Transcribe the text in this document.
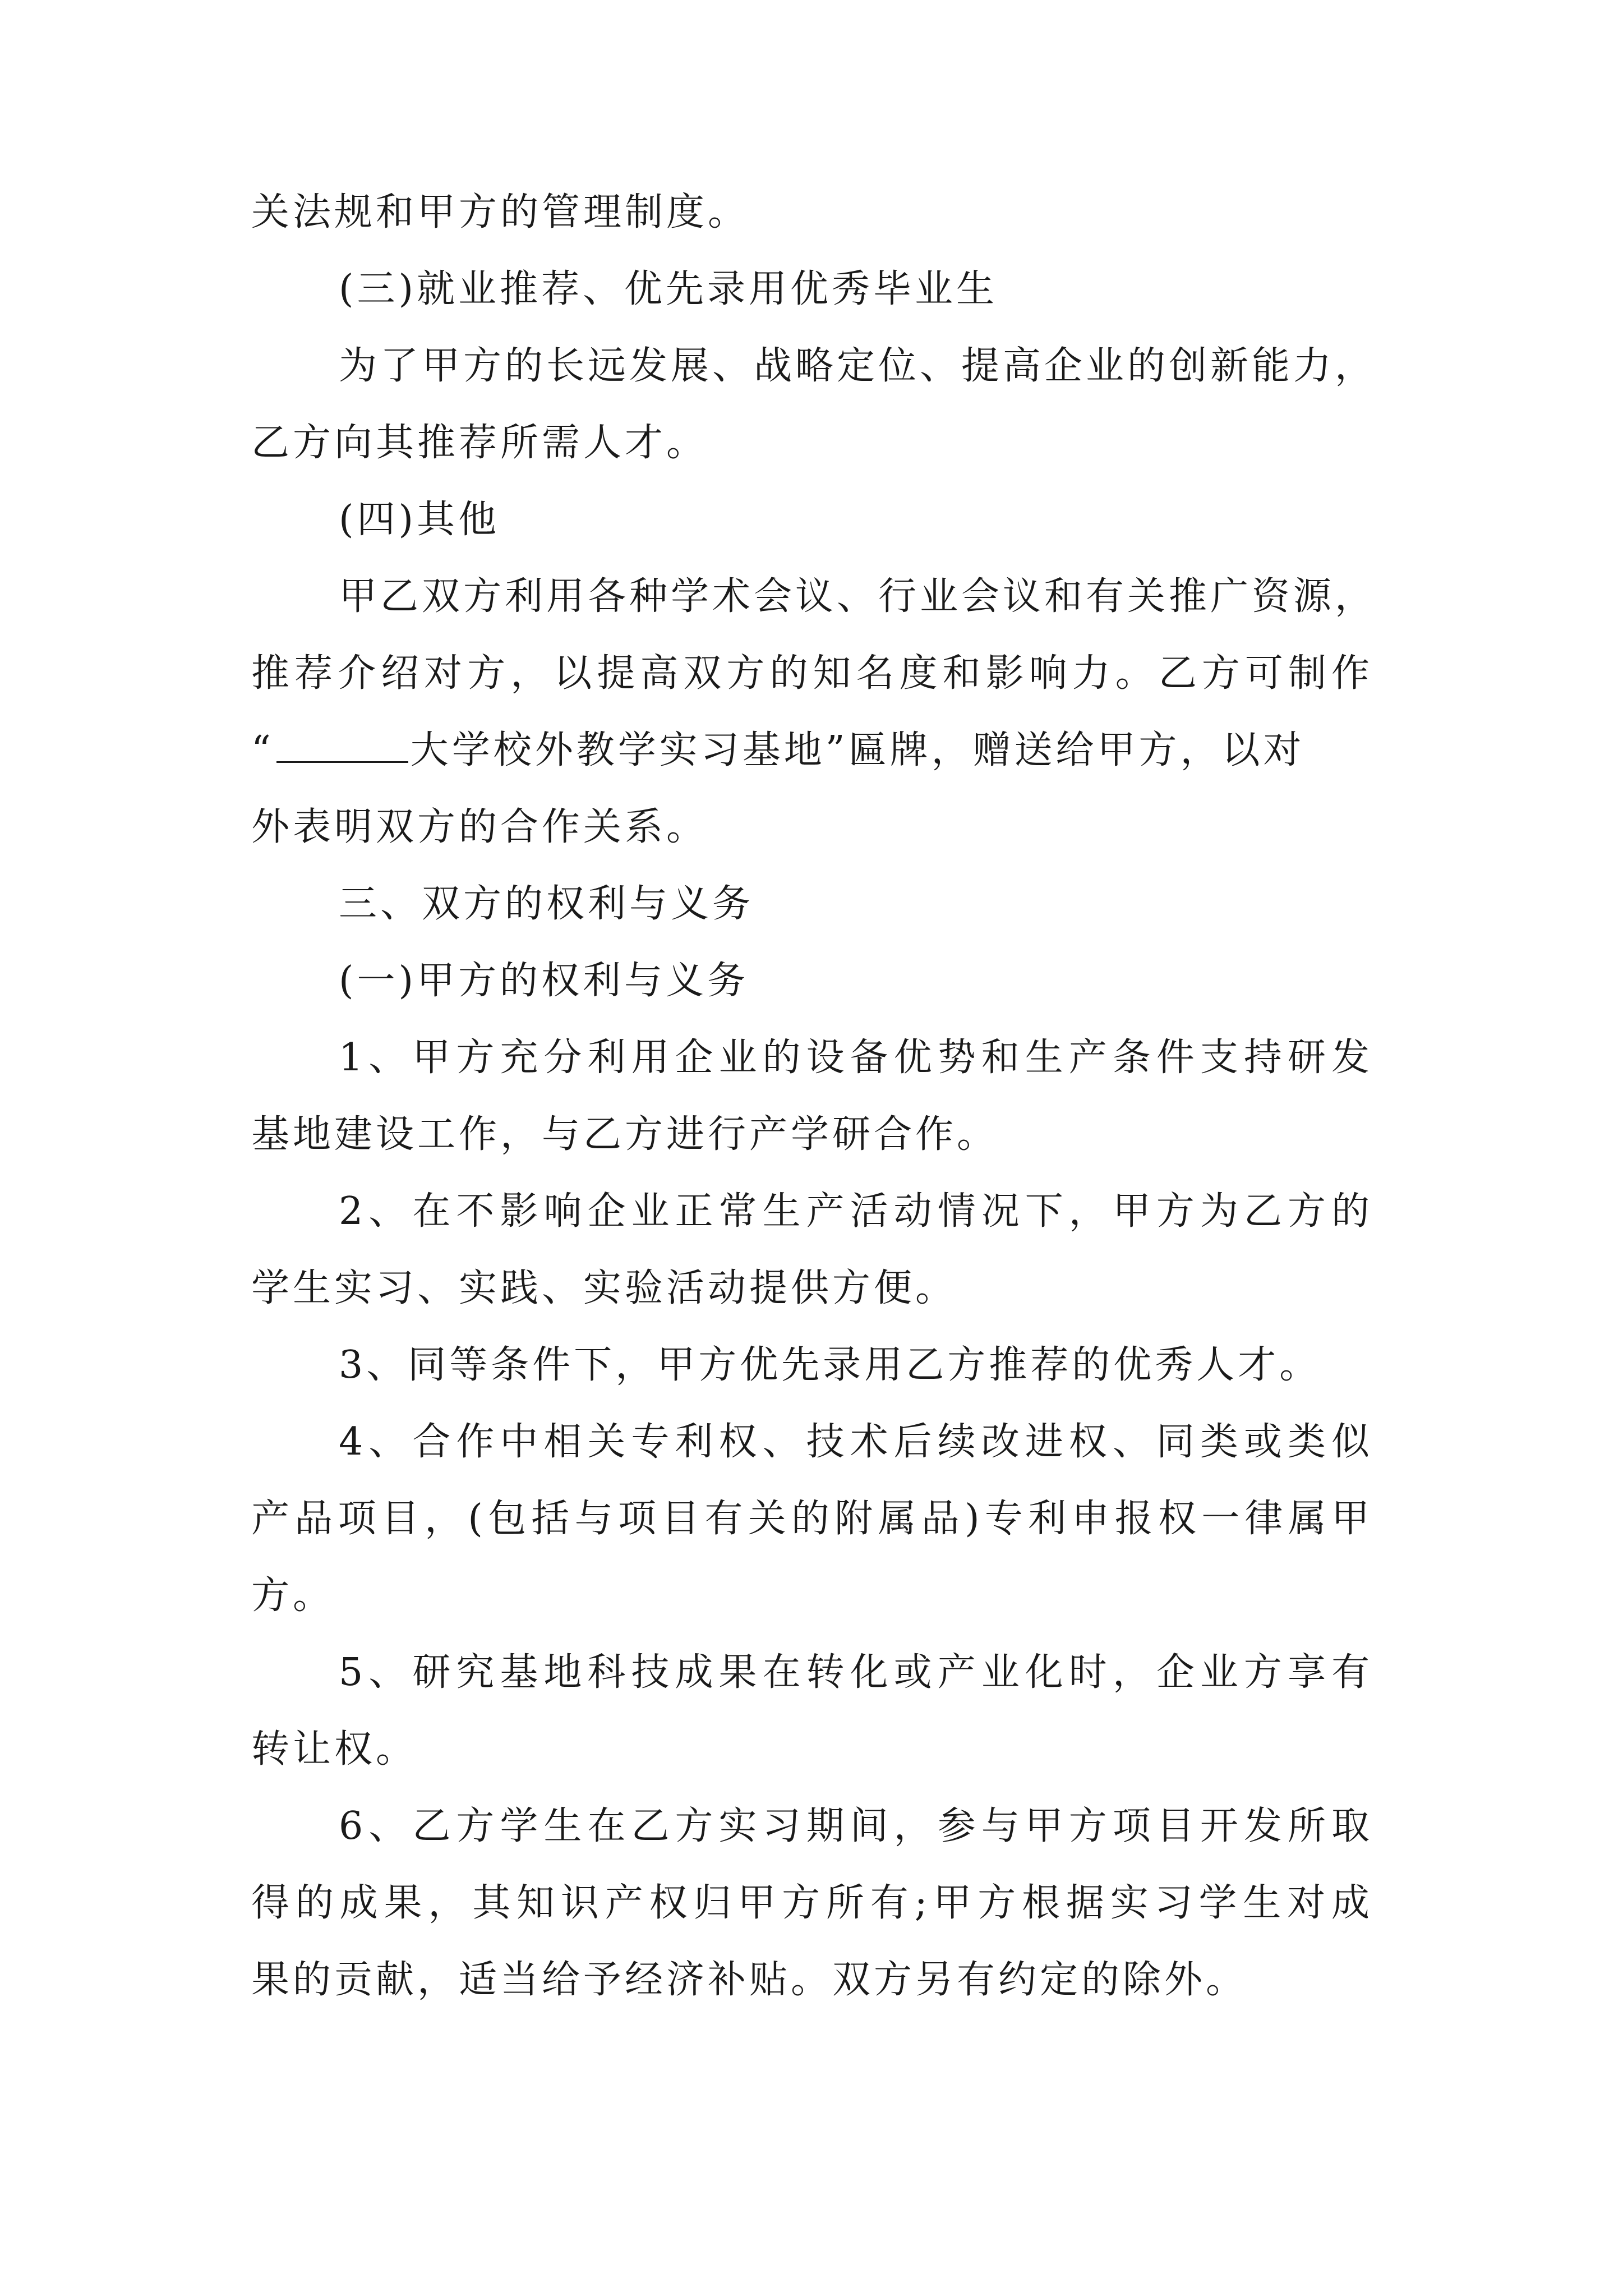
关法规和甲方的管理制度。
(三)就业推荐、优先录用优秀毕业生
为了甲方的长远发展、战略定位、提高企业的创新能力，
乙方向其推荐所需人才。
(四)其他
甲乙双方利用各种学术会议、行业会议和有关推广资源，
推荐介绍对方，以提高双方的知名度和影响力。乙方可制作
“	大学校外教学实习基地”匾牌，赠送给甲方，以对
外表明双方的合作关系。
三、双方的权利与义务
(一)甲方的权利与义务
1、甲方充分利用企业的设备优势和生产条件支持研发
基地建设工作，与乙方进行产学研合作。
2、在不影响企业正常生产活动情况下，甲方为乙方的
学生实习、实践、实验活动提供方便。
3、同等条件下，甲方优先录用乙方推荐的优秀人才。
4、合作中相关专利权、技术后续改进权、同类或类似
产品项目，(包括与项目有关的附属品)专利申报权一律属甲
方。
5、研究基地科技成果在转化或产业化时，企业方享有
转让权。
6、乙方学生在乙方实习期间，参与甲方项目开发所取
得的成果，其知识产权归甲方所有;甲方根据实习学生对成
果的贡献，适当给予经济补贴。双方另有约定的除外。
